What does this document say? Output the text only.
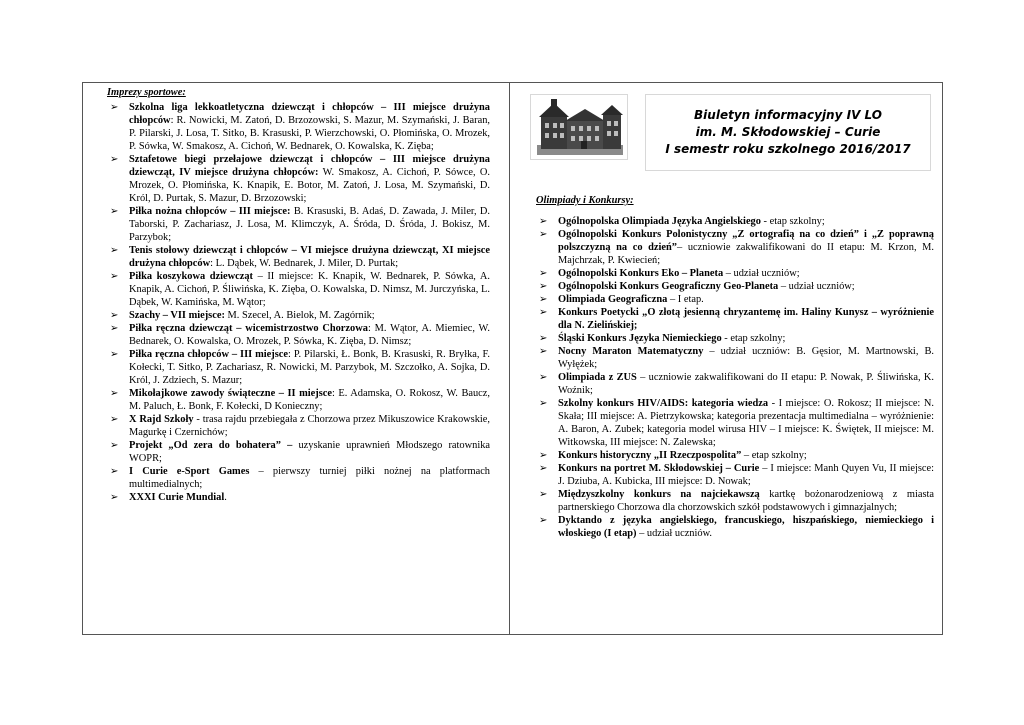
Imprezy sportowe:
➢ Szkolna liga lekkoatletyczna dziewcząt i chłopców – III miejsce drużyna chłopców: R. Nowicki, M. Zatoń, D. Brzozowski, S. Mazur, M. Szymański, J. Baran, P. Pilarski, J. Losa, T. Sitko, B. Krasuski, P. Wierzchowski, O. Płomińska, O. Mrozek, P. Sówka, W. Smakosz, A. Cichoń, W. Bednarek, O. Kowalska, K. Zięba;
➢ Sztafetowe biegi przełajowe dziewcząt i chłopców – III miejsce drużyna dziewcząt, IV miejsce drużyna chłopców: W. Smakosz, A. Cichoń, P. Sówce, O. Mrozek, O. Płomińska, K. Knapik, E. Botor, M. Zatoń, J. Losa, M. Szymański, D. Król, D. Purtak, S. Mazur, D. Brzozowski;
➢ Piłka nożna chłopców – III miejsce: B. Krasuski, B. Adaś, D. Zawada, J. Miler, D. Taborski, P. Zachariasz, J. Losa, M. Klimczyk, A. Śróda, D. Śróda, J. Bokisz, M. Parzybok;
➢ Tenis stołowy dziewcząt i chłopców – VI miejsce drużyna dziewcząt, XI miejsce drużyna chłopców: L. Dąbek, W. Bednarek, J. Miler, D. Purtak;
➢ Piłka koszykowa dziewcząt – II miejsce: K. Knapik, W. Bednarek, P. Sówka, A. Knapik, A. Cichoń, P. Śliwińska, K. Zięba, O. Kowalska, D. Nimsz, M. Jurczyńska, L. Dąbek, W. Kamińska, M. Wątor;
➢ Szachy – VII miejsce: M. Szecel, A. Bielok, M. Zagórnik;
➢ Piłka ręczna dziewcząt – wicemistrzostwo Chorzowa: M. Wątor, A. Miemiec, W. Bednarek, O. Kowalska, O. Mrozek, P. Sówka, K. Zięba, D. Nimsz;
➢ Piłka ręczna chłopców – III miejsce: P. Pilarski, Ł. Bonk, B. Krasuski, R. Bryłka, F. Kołecki, T. Sitko, P. Zachariasz, R. Nowicki, M. Parzybok, M. Szczołko, A. Sojka, D. Król, J. Zdziech, S. Mazur;
➢ Mikołajkowe zawody świąteczne – II miejsce: E. Adamska, O. Rokosz, W. Baucz, M. Paluch, Ł. Bonk, F. Kołecki, D Konieczny;
➢ X Rajd Szkoły - trasa rajdu przebiegała z Chorzowa przez Mikuszowice Krakowskie, Magurkę i Czernichów;
➢ Projekt „Od zera do bohatera” – uzyskanie uprawnień Młodszego ratownika WOPR;
➢ I Curie e-Sport Games – pierwszy turniej piłki nożnej na platformach multimedialnych;
➢ XXXI Curie Mundial.
Biuletyn informacyjny IV LO
im. M. Skłodowskiej – Curie
I semestr roku szkolnego 2016/2017
Olimpiady i Konkursy:
➢ Ogólnopolska Olimpiada Języka Angielskiego - etap szkolny;
➢ Ogólnopolski Konkurs Polonistyczny „Z ortografią na co dzień” i „Z poprawną polszczyzną na co dzień”– uczniowie zakwalifikowani do II etapu: M. Krzon, M. Majchrzak, P. Kwiecień;
➢ Ogólnopolski Konkurs Eko – Planeta – udział uczniów;
➢ Ogólnopolski Konkurs Geograficzny Geo-Planeta – udział uczniów;
➢ Olimpiada Geograficzna – I etap.
➢ Konkurs Poetycki „O złotą jesienną chryzantemę im. Haliny Kunysz – wyróżnienie dla N. Zielińskiej;
➢ Śląski Konkurs Języka Niemieckiego - etap szkolny;
➢ Nocny Maraton Matematyczny – udział uczniów: B. Gęsior, M. Martnowski, B. Wyłężek;
➢ Olimpiada z ZUS – uczniowie zakwalifikowani do II etapu: P. Nowak, P. Śliwińska, K. Woźnik;
➢ Szkolny konkurs HIV/AIDS: kategoria wiedza - I miejsce: O. Rokosz; II miejsce: N. Skała; III miejsce: A. Pietrzykowska; kategoria prezentacja multimedialna – wyróżnienie: A. Baron, A. Zubek; kategoria model wirusa HIV – I miejsce: K. Świętek, II miejsce: M. Witkowska, III miejsce: N. Zalewska;
➢ Konkurs historyczny „II Rzeczpospolita” – etap szkolny;
➢ Konkurs na portret M. Skłodowskiej – Curie – I miejsce: Manh Quyen Vu, II miejsce: J. Dziuba, A. Kubicka, III miejsce: D. Nowak;
➢ Międzyszkolny konkurs na najciekawszą kartkę bożonarodzeniową z miasta partnerskiego Chorzowa dla chorzowskich szkół podstawowych i gimnazjalnych;
➢ Dyktando z języka angielskiego, francuskiego, hiszpańskiego, niemieckiego i włoskiego (I etap) – udział uczniów.
